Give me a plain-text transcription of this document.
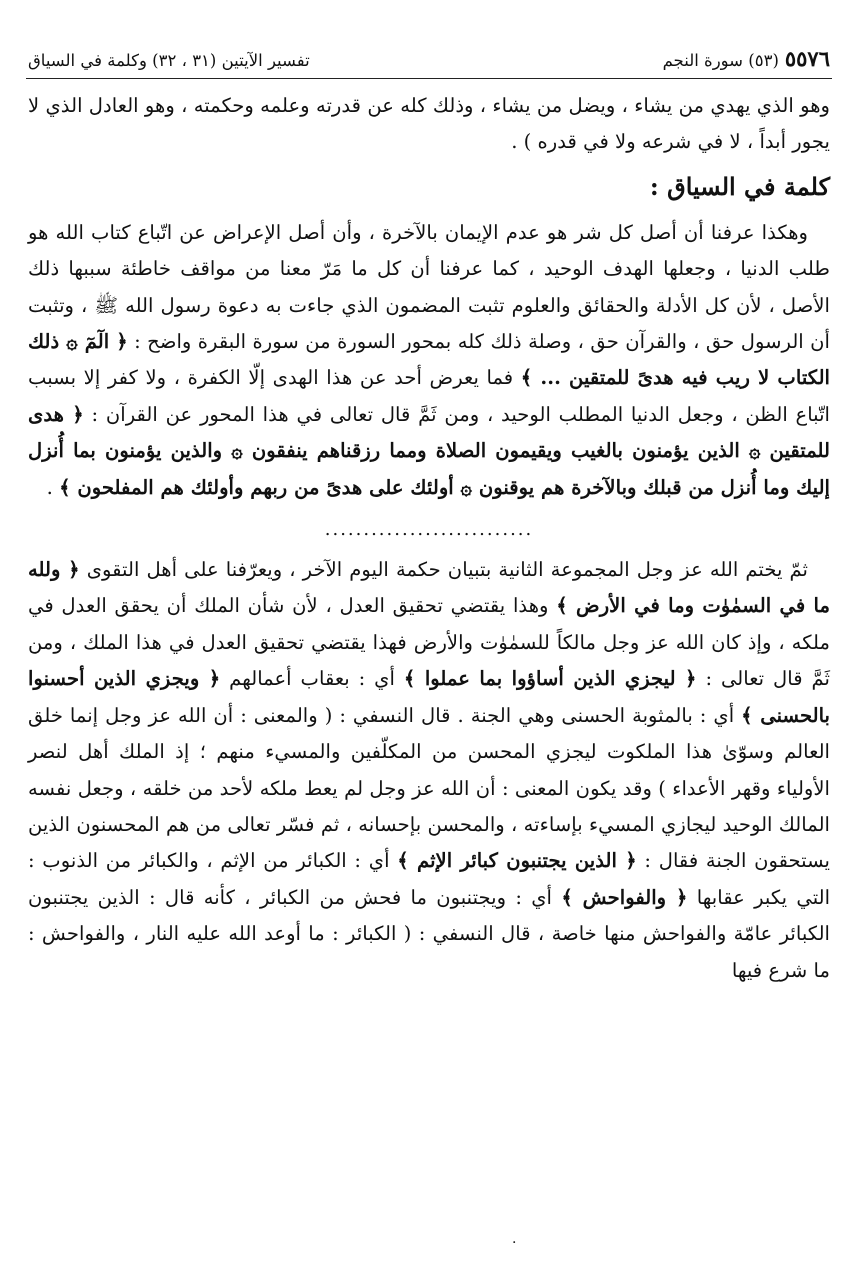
٥٥٧٦
(٥٣) سورة النجم
تفسير الآيتين (٣١ ، ٣٢) وكلمة في السياق

وهو الذي يهدي من يشاء ، ويضل من يشاء ، وذلك كله عن قدرته وعلمه وحكمته ، وهو العادل الذي لا يجور أبداً ، لا في شرعه ولا في قدره ) .

كلمة في السياق :

وهكذا عرفنا أن أصل كل شر هو عدم الإيمان بالآخرة ، وأن أصل الإعراض عن اتّباع كتاب الله هو طلب الدنيا ، وجعلها الهدف الوحيد ، كما عرفنا أن كل ما مَرّ معنا من مواقف خاطئة سببها ذلك الأصل ، لأن كل الأدلة والحقائق والعلوم تثبت المضمون الذي جاءت به دعوة رسول الله ﷺ ، وتثبت أن الرسول حق ، والقرآن حق ، وصلة ذلك كله بمحور السورة من سورة البقرة واضح : ﴿ الٓمٓ ۞ ذلك الكتاب لا ريب فيه هدىً للمتقين ... ﴾ فما يعرض أحد عن هذا الهدى إلّا الكفرة ، ولا كفر إلا بسبب اتّباع الظن ، وجعل الدنيا المطلب الوحيد ، ومن ثَمَّ قال تعالى في هذا المحور عن القرآن : ﴿ هدى للمتقين ۞ الذين يؤمنون بالغيب ويقيمون الصلاة ومما رزقناهم ينفقون ۞ والذين يؤمنون بما أُنزل إليك وما أُنزل من قبلك وبالآخرة هم يوقنون ۞ أولئك على هدىً من ربهم وأولئك هم المفلحون ﴾ .

...........................

ثمّ يختم الله عز وجل المجموعة الثانية بتبيان حكمة اليوم الآخر ، ويعرّفنا على أهل التقوى ﴿ ولله ما في السمٰوٰت وما في الأرض ﴾ وهذا يقتضي تحقيق العدل ، لأن شأن الملك أن يحقق العدل في ملكه ، وإذ كان الله عز وجل مالكاً للسمٰوٰت والأرض فهذا يقتضي تحقيق العدل في هذا الملك ، ومن ثَمَّ قال تعالى : ﴿ ليجزي الذين أساؤوا بما عملوا ﴾ أي : بعقاب أعمالهم ﴿ ويجزي الذين أحسنوا بالحسنى ﴾ أي : بالمثوبة الحسنى وهي الجنة . قال النسفي : ( والمعنى : أن الله عز وجل إنما خلق العالم وسوّىٰ هذا الملكوت ليجزي المحسن من المكلّفين والمسيء منهم ؛ إذ الملك أهل لنصر الأولياء وقهر الأعداء ) وقد يكون المعنى : أن الله عز وجل لم يعط ملكه لأحد من خلقه ، وجعل نفسه المالك الوحيد ليجازي المسيء بإساءته ، والمحسن بإحسانه ، ثم فسّر تعالى من هم المحسنون الذين يستحقون الجنة فقال : ﴿ الذين يجتنبون كبائر الإثم ﴾ أي : الكبائر من الإثم ، والكبائر من الذنوب : التي يكبر عقابها ﴿ والفواحش ﴾ أي : ويجتنبون ما فحش من الكبائر ، كأنه قال : الذين يجتنبون الكبائر عامّة والفواحش منها خاصة ، قال النسفي : ( الكبائر : ما أوعد الله عليه النار ، والفواحش : ما شرع فيها

·
